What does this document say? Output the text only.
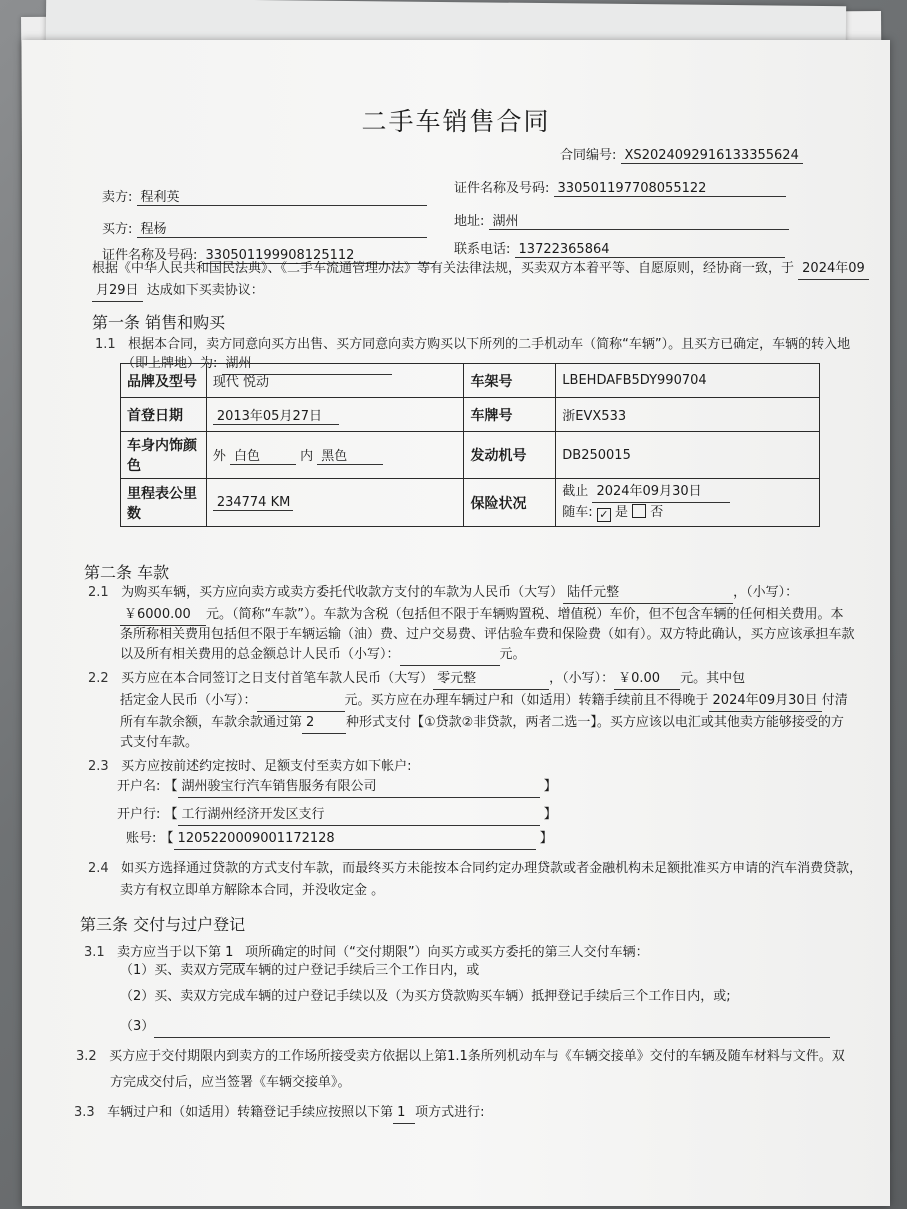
二手车销售合同
合同编号: XS2024092916133355624
卖方: 程利英
证件名称及号码: 330501197708055122
买方: 程杨
地址: 湖州
证件名称及号码: 330501199908125112	联系电话: 13722365864
根据《中华人民共和国民法典》、《二手车流通管理办法》等有关法律法规，买卖双方本着平等、自愿原则，经协商一致，于 2024年09
月29日 达成如下买卖协议：
第一条 销售和购买
1.1 根据本合同，卖方同意向买方出售、买方同意向卖方购买以下所列的二手机动车（简称“车辆”）。且买方已确定，车辆的转入地
（即上牌地）为: 湖州
品牌及型号	现代 悦动	车架号	LBEHDAFB5DY990704
首登日期	2013年05月27日	车牌号	浙EVX533
车身内饰颜色	外 白色 内 黑色	发动机号	DB250015
里程表公里数	234774 KM	保险状况	截止 2024年09月30日
随车: ✓ 是 否
第二条 车款
2.1 为购买车辆，买方应向卖方或卖方委托代收款方支付的车款为人民币（大写） 陆仟元整	，（小写）：
￥6000.00 元。（简称“车款”）。车款为含税（包括但不限于车辆购置税、增值税）车价，但不包含车辆的任何相关费用。本
条所称相关费用包括但不限于车辆运输（油）费、过户交易费、评估验车费和保险费（如有）。双方特此确认，买方应该承担车款
以及所有相关费用的总金额总计人民币（小写）：	元。
2.2 买方应在本合同签订之日支付首笔车款人民币（大写） 零元整	，（小写）： ￥0.00 元。其中包
括定金人民币（小写）：	元。买方应在办理车辆过户和（如适用）转籍手续前且不得晚于 2024年09月30日 付清
所有车款余额，车款余款通过第 2 种形式支付【①贷款②非贷款，两者二选一】。买方应该以电汇或其他卖方能够接受的方
式支付车款。
2.3 买方应按前述约定按时、足额支付至卖方如下帐户:
开户名: 【 湖州骏宝行汽车销售服务有限公司	】
开户行: 【 工行湖州经济开发区支行	】
账号: 【 1205220009001172128	】
2.4 如买方选择通过贷款的方式支付车款，而最终买方未能按本合同约定办理贷款或者金融机构未足额批准买方申请的汽车消费贷款，
卖方有权立即单方解除本合同，并没收定金 。
第三条 交付与过户登记
3.1 卖方应当于以下第 1 项所确定的时间（“交付期限”）向买方或买方委托的第三人交付车辆：
（1）买、卖双方完成车辆的过户登记手续后三个工作日内，或
（2）买、卖双方完成车辆的过户登记手续以及（为买方贷款购买车辆）抵押登记手续后三个工作日内，或;
（3）
3.2 买方应于交付期限内到卖方的工作场所接受卖方依据以上第1.1条所列机动车与《车辆交接单》交付的车辆及随车材料与文件。双
方完成交付后，应当签署《车辆交接单》。
3.3 车辆过户和（如适用）转籍登记手续应按照以下第 1 项方式进行:
